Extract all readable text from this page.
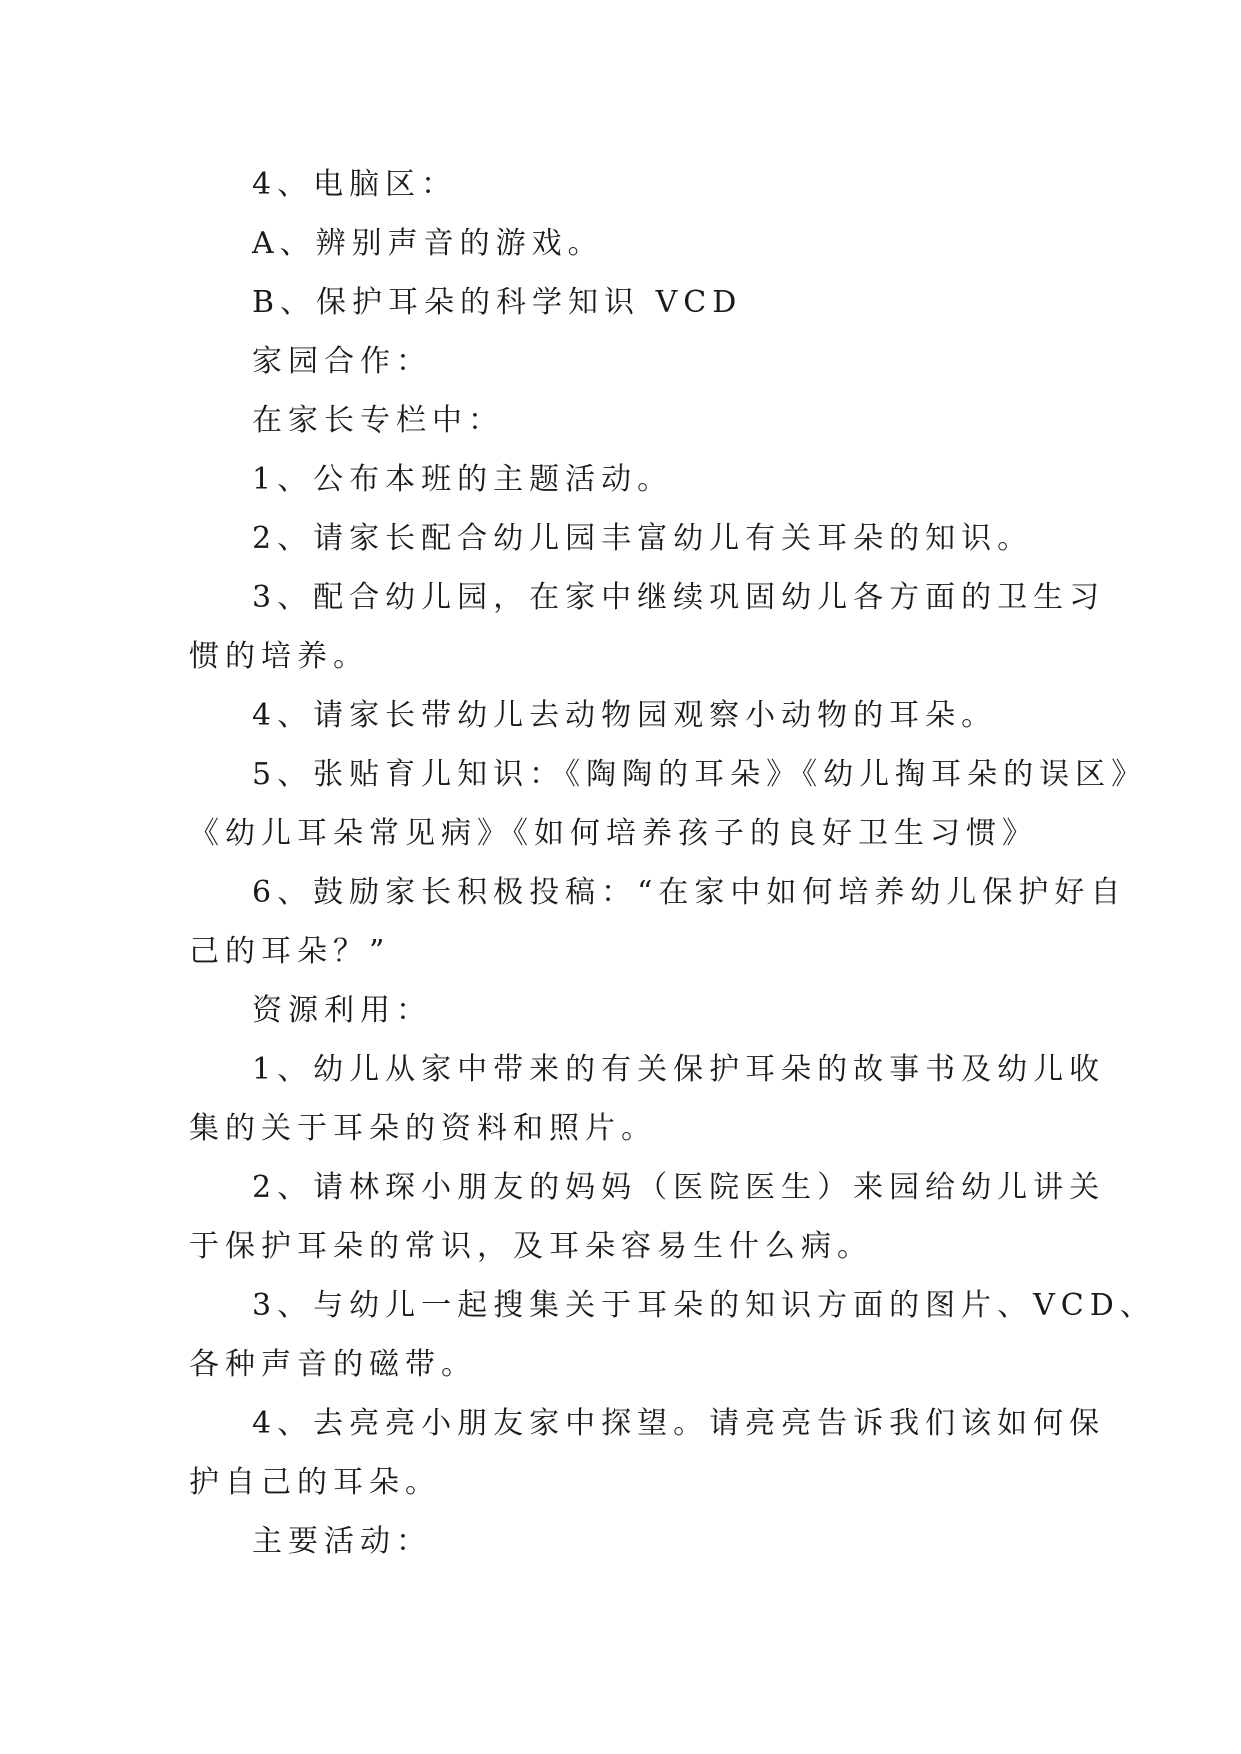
4、电脑区：
A、辨别声音的游戏。
B、保护耳朵的科学知识 VCD
家园合作：
在家长专栏中：
1、公布本班的主题活动。
2、请家长配合幼儿园丰富幼儿有关耳朵的知识。
3、配合幼儿园，在家中继续巩固幼儿各方面的卫生习
惯的培养。
4、请家长带幼儿去动物园观察小动物的耳朵。
5、张贴育儿知识：《陶陶的耳朵》《幼儿掏耳朵的误区》
《幼儿耳朵常见病》《如何培养孩子的良好卫生习惯》
6、鼓励家长积极投稿：“在家中如何培养幼儿保护好自
己的耳朵？”
资源利用：
1、幼儿从家中带来的有关保护耳朵的故事书及幼儿收
集的关于耳朵的资料和照片。
2、请林琛小朋友的妈妈（医院医生）来园给幼儿讲关
于保护耳朵的常识，及耳朵容易生什么病。
3、与幼儿一起搜集关于耳朵的知识方面的图片、VCD、
各种声音的磁带。
4、去亮亮小朋友家中探望。请亮亮告诉我们该如何保
护自己的耳朵。
主要活动：
